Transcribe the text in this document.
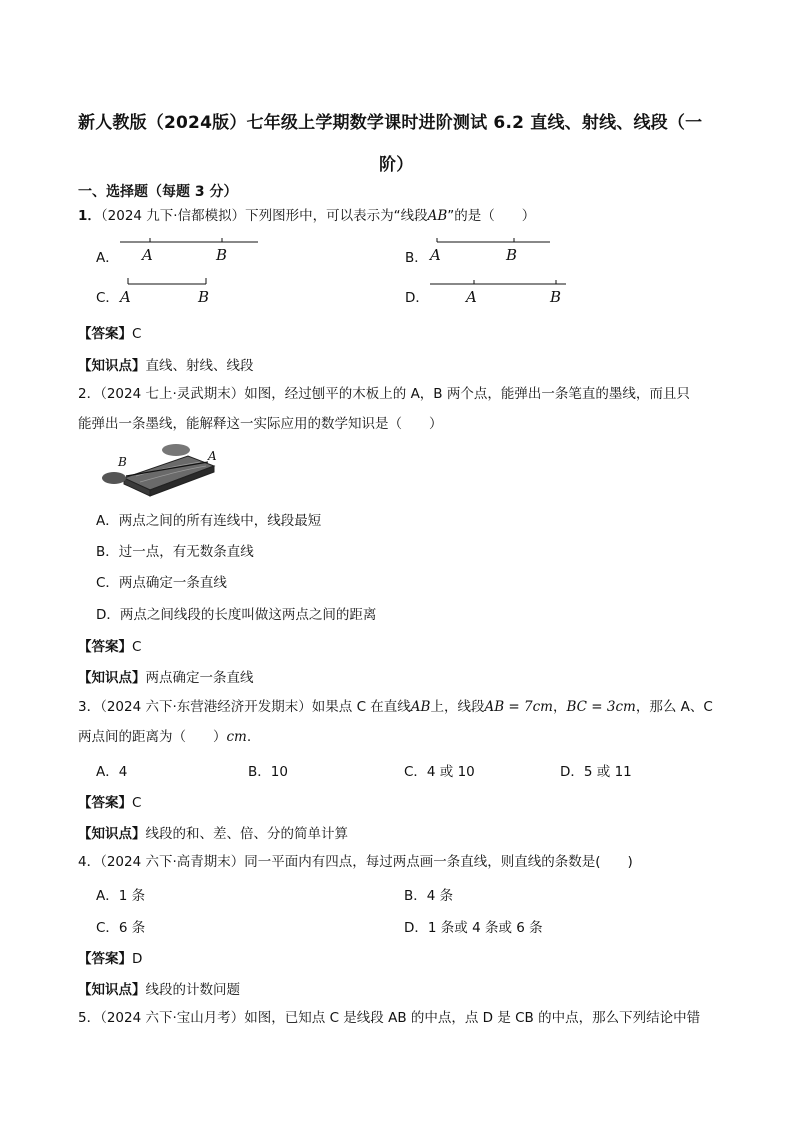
新人教版（2024版）七年级上学期数学课时进阶测试 6.2 直线、射线、线段（一
阶）
一、选择题（每题 3 分）
1．（2024 九下·信都模拟）下列图形中，可以表示为“线段AB”的是（　　）
A．	B．
C．	D．
A	B	A	B
A	B	A	B
【答案】C
【知识点】直线、射线、线段
2．（2024 七上·灵武期末）如图，经过刨平的木板上的 A，B 两个点，能弹出一条笔直的墨线，而且只
能弹出一条墨线，能解释这一实际应用的数学知识是（　　）
B	A
A．两点之间的所有连线中，线段最短
B．过一点，有无数条直线
C．两点确定一条直线
D．两点之间线段的长度叫做这两点之间的距离
【答案】C
【知识点】两点确定一条直线
3．（2024 六下·东营港经济开发期末）如果点 C 在直线AB上，线段AB = 7cm，BC = 3cm，那么 A、C
两点间的距离为（　　）cm.
A．4	B．10	C．4 或 10	D．5 或 11
【答案】C
【知识点】线段的和、差、倍、分的简单计算
4．（2024 六下·高青期末）同一平面内有四点，每过两点画一条直线，则直线的条数是(　　)
A．1 条	B．4 条
C．6 条	D．1 条或 4 条或 6 条
【答案】D
【知识点】线段的计数问题
5．（2024 六下·宝山月考）如图，已知点 C 是线段 AB 的中点，点 D 是 CB 的中点，那么下列结论中错
